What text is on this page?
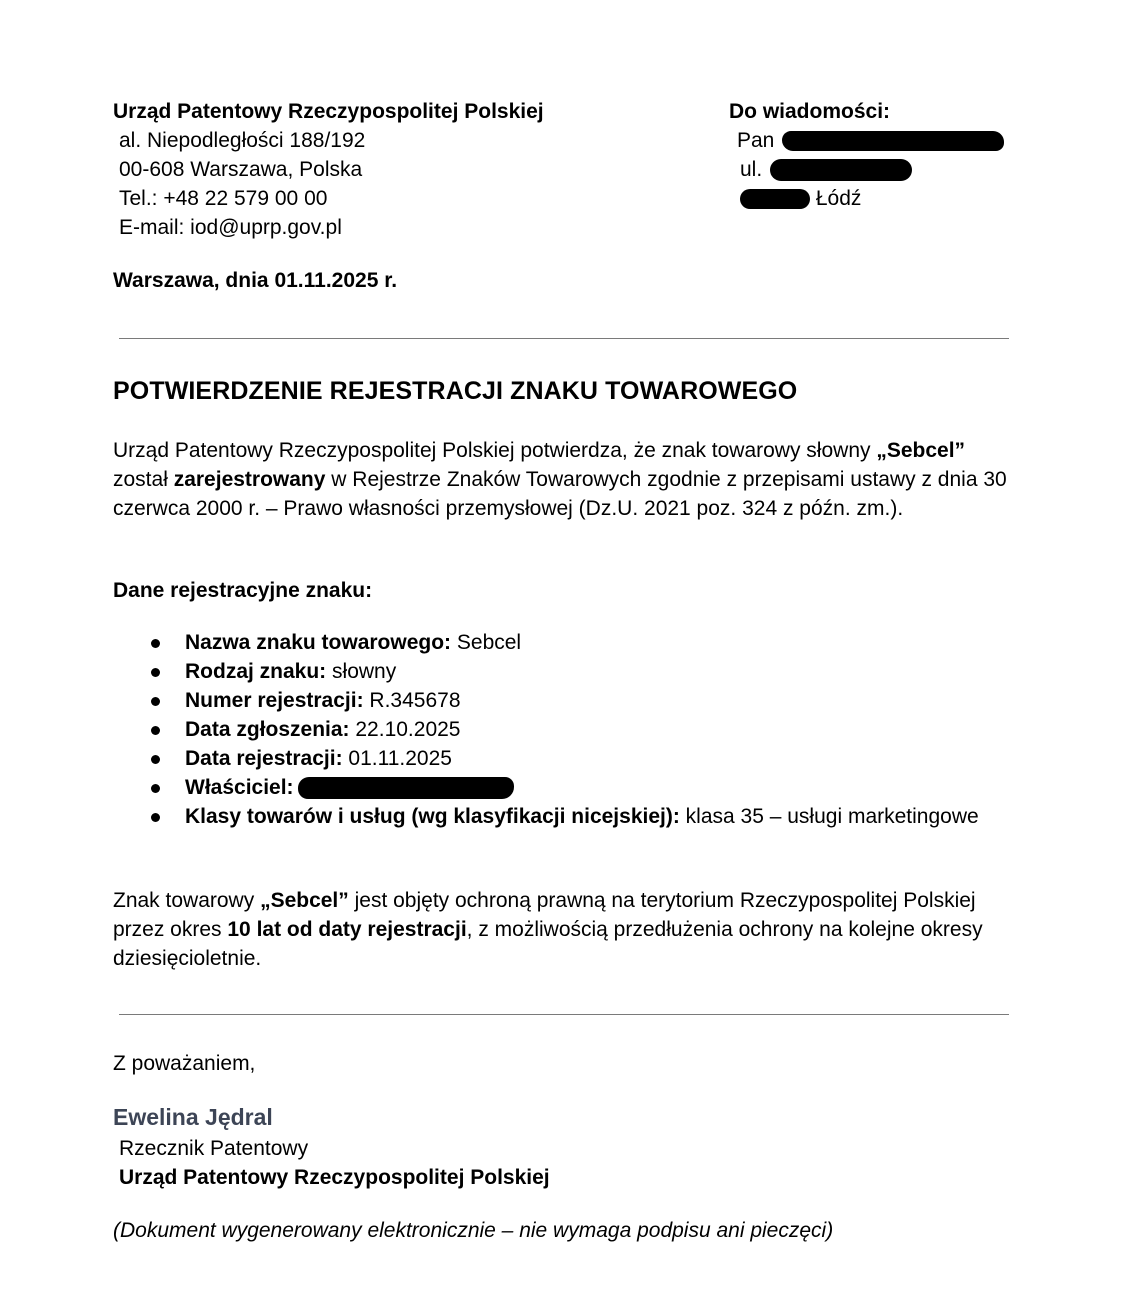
Urząd Patentowy Rzeczypospolitej Polskiej
al. Niepodległości 188/192
00-608 Warszawa, Polska
Tel.: +48 22 579 00 00
E-mail: iod@uprp.gov.pl
Do wiadomości:
Pan
ul.
Łódź
Warszawa, dnia 01.11.2025 r.
POTWIERDZENIE REJESTRACJI ZNAKU TOWAROWEGO
Urząd Patentowy Rzeczypospolitej Polskiej potwierdza, że znak towarowy słowny „Sebcel”
został zarejestrowany w Rejestrze Znaków Towarowych zgodnie z przepisami ustawy z dnia 30 czerwca 2000 r. – Prawo własności przemysłowej (Dz.U. 2021 poz. 324 z późn. zm.).
Dane rejestracyjne znaku:
Nazwa znaku towarowego: Sebcel
Rodzaj znaku: słowny
Numer rejestracji: R.345678
Data zgłoszenia: 22.10.2025
Data rejestracji: 01.11.2025
Właściciel:
Klasy towarów i usług (wg klasyfikacji nicejskiej): klasa 35 – usługi marketingowe
Znak towarowy „Sebcel” jest objęty ochroną prawną na terytorium Rzeczypospolitej Polskiej przez okres 10 lat od daty rejestracji, z możliwością przedłużenia ochrony na kolejne okresy dziesięcioletnie.
Z poważaniem,
Ewelina Jędral
Rzecznik Patentowy
Urząd Patentowy Rzeczypospolitej Polskiej
(Dokument wygenerowany elektronicznie – nie wymaga podpisu ani pieczęci)
